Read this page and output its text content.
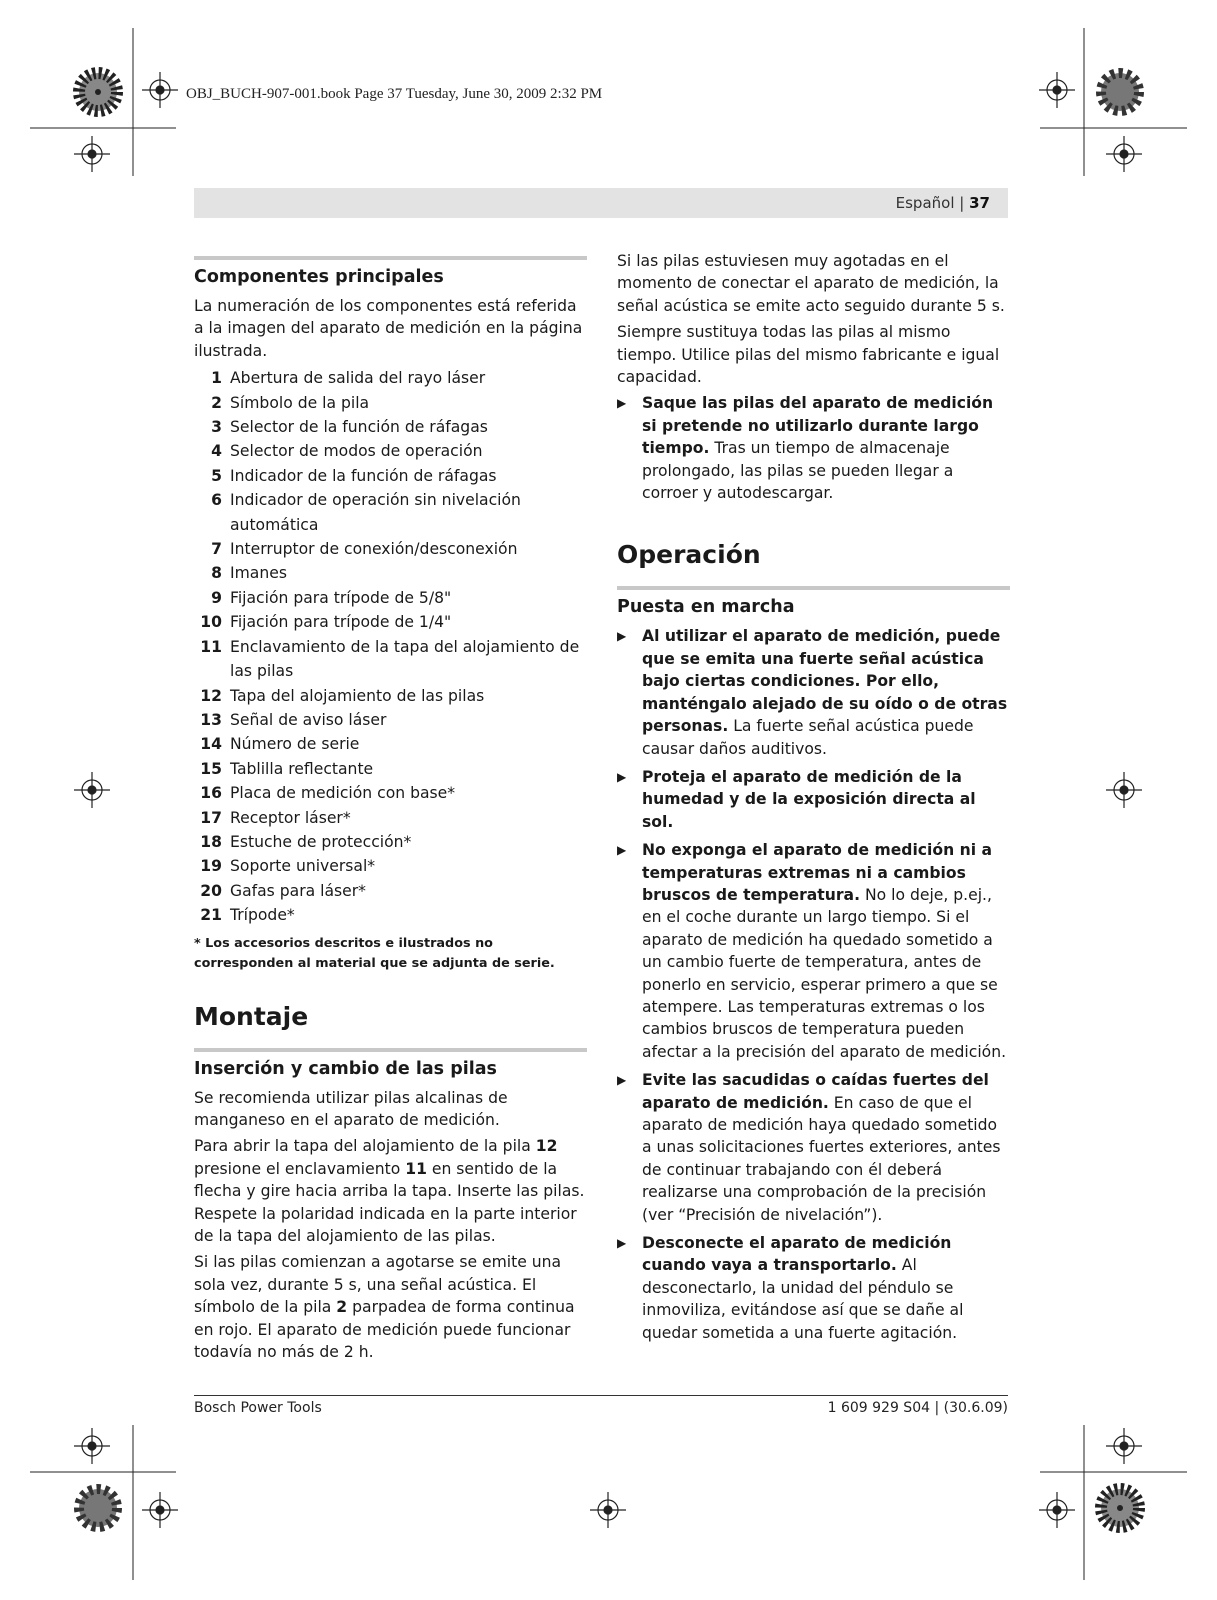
OBJ_BUCH-907-001.book Page 37 Tuesday, June 30, 2009 2:32 PM
Español | 37
Componentes principales

La numeración de los componentes está referida a la imagen del aparato de medición en la página ilustrada.

1 Abertura de salida del rayo láser
2 Símbolo de la pila
3 Selector de la función de ráfagas
4 Selector de modos de operación
5 Indicador de la función de ráfagas
6 Indicador de operación sin nivelación automática
7 Interruptor de conexión/desconexión
8 Imanes
9 Fijación para trípode de 5/8"
10 Fijación para trípode de 1/4"
11 Enclavamiento de la tapa del alojamiento de las pilas
12 Tapa del alojamiento de las pilas
13 Señal de aviso láser
14 Número de serie
15 Tablilla reflectante
16 Placa de medición con base*
17 Receptor láser*
18 Estuche de protección*
19 Soporte universal*
20 Gafas para láser*
21 Trípode*

* Los accesorios descritos e ilustrados no corresponden al material que se adjunta de serie.

Montaje
Inserción y cambio de las pilas

Se recomienda utilizar pilas alcalinas de manganeso en el aparato de medición.

Para abrir la tapa del alojamiento de la pila 12 presione el enclavamiento 11 en sentido de la flecha y gire hacia arriba la tapa. Inserte las pilas. Respete la polaridad indicada en la parte interior de la tapa del alojamiento de las pilas.

Si las pilas comienzan a agotarse se emite una sola vez, durante 5 s, una señal acústica. El símbolo de la pila 2 parpadea de forma continua en rojo. El aparato de medición puede funcionar todavía no más de 2 h.

Si las pilas estuviesen muy agotadas en el momento de conectar el aparato de medición, la señal acústica se emite acto seguido durante 5 s.

Siempre sustituya todas las pilas al mismo tiempo. Utilice pilas del mismo fabricante e igual capacidad.

▶	Saque las pilas del aparato de medición si pretende no utilizarlo durante largo tiempo. Tras un tiempo de almacenaje prolongado, las pilas se pueden llegar a corroer y autodescargar.
Operación
Puesta en marcha
▶	Al utilizar el aparato de medición, puede que se emita una fuerte señal acústica bajo ciertas condiciones. Por ello, manténgalo alejado de su oído o de otras personas. La fuerte señal acústica puede causar daños auditivos.
▶	Proteja el aparato de medición de la humedad y de la exposición directa al sol.
▶	No exponga el aparato de medición ni a temperaturas extremas ni a cambios bruscos de temperatura. No lo deje, p.ej., en el coche durante un largo tiempo. Si el aparato de medición ha quedado sometido a un cambio fuerte de temperatura, antes de ponerlo en servicio, esperar primero a que se atempere. Las temperaturas extremas o los cambios bruscos de temperatura pueden afectar a la precisión del aparato de medición.
▶	Evite las sacudidas o caídas fuertes del aparato de medición. En caso de que el aparato de medición haya quedado sometido a unas solicitaciones fuertes exteriores, antes de continuar trabajando con él deberá realizarse una comprobación de la precisión (ver “Precisión de nivelación”).
▶	Desconecte el aparato de medición cuando vaya a transportarlo. Al desconectarlo, la unidad del péndulo se inmoviliza, evitándose así que se dañe al quedar sometida a una fuerte agitación.
Bosch Power Tools	1 609 929 S04 | (30.6.09)
